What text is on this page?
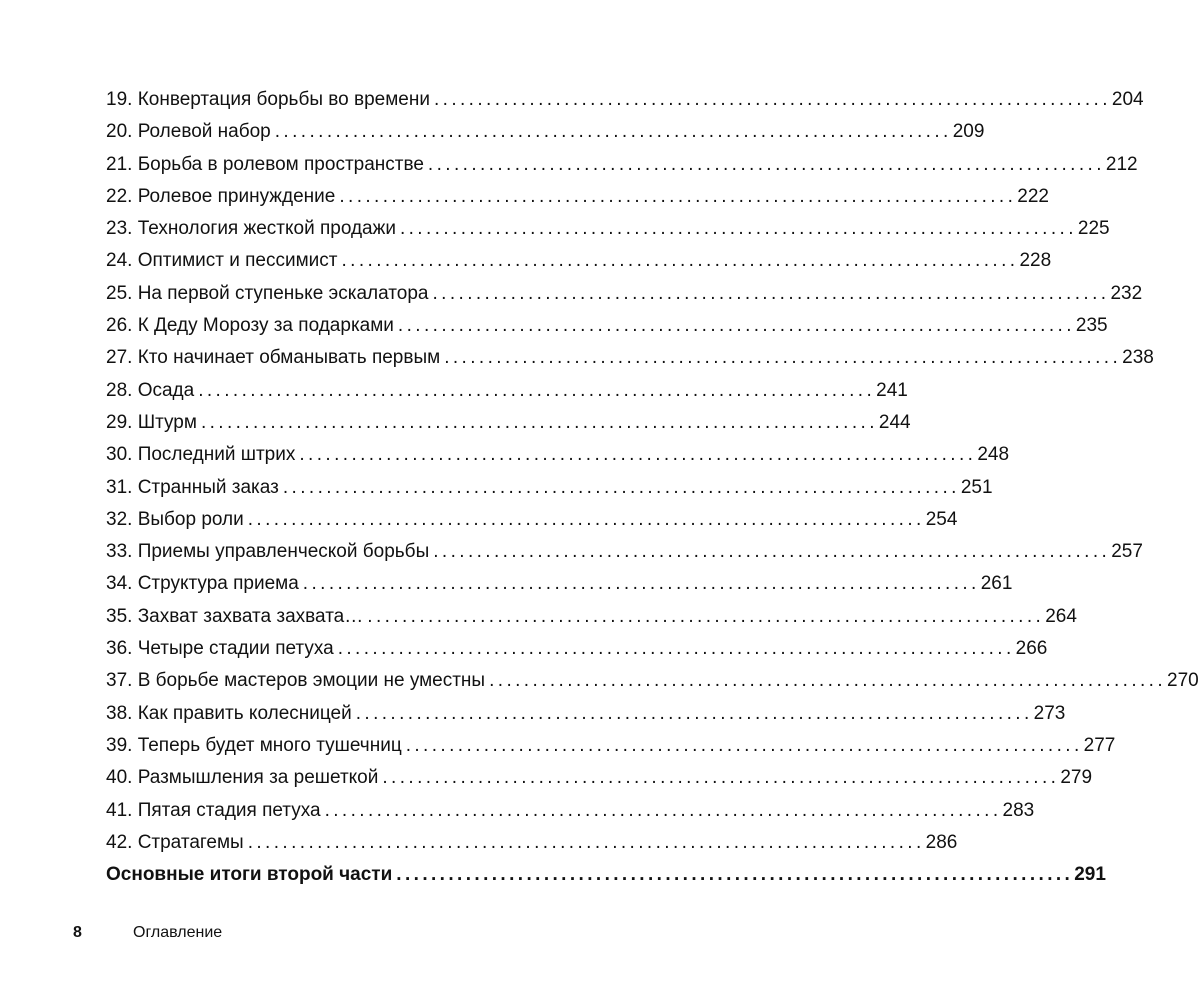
19. Конвертация борьбы во времени .............................................................................. 204
20. Ролевой набор .............................................................................. 209
21. Борьба в ролевом пространстве .............................................................................. 212
22. Ролевое принуждение .............................................................................. 222
23. Технология жесткой продажи .............................................................................. 225
24. Оптимист и пессимист .............................................................................. 228
25. На первой ступеньке эскалатора .............................................................................. 232
26. К Деду Морозу за подарками .............................................................................. 235
27. Кто начинает обманывать первым .............................................................................. 238
28. Осада .............................................................................. 241
29. Штурм .............................................................................. 244
30. Последний штрих .............................................................................. 248
31. Странный заказ .............................................................................. 251
32. Выбор роли .............................................................................. 254
33. Приемы управленческой борьбы .............................................................................. 257
34. Структура приема .............................................................................. 261
35. Захват захвата захвата… .............................................................................. 264
36. Четыре стадии петуха .............................................................................. 266
37. В борьбе мастеров эмоции не уместны .............................................................................. 270
38. Как править колесницей .............................................................................. 273
39. Теперь будет много тушечниц .............................................................................. 277
40. Размышления за решеткой .............................................................................. 279
41. Пятая стадия петуха .............................................................................. 283
42. Стратагемы .............................................................................. 286
Основные итоги второй части .............................................................................. 291
8	Оглавление
